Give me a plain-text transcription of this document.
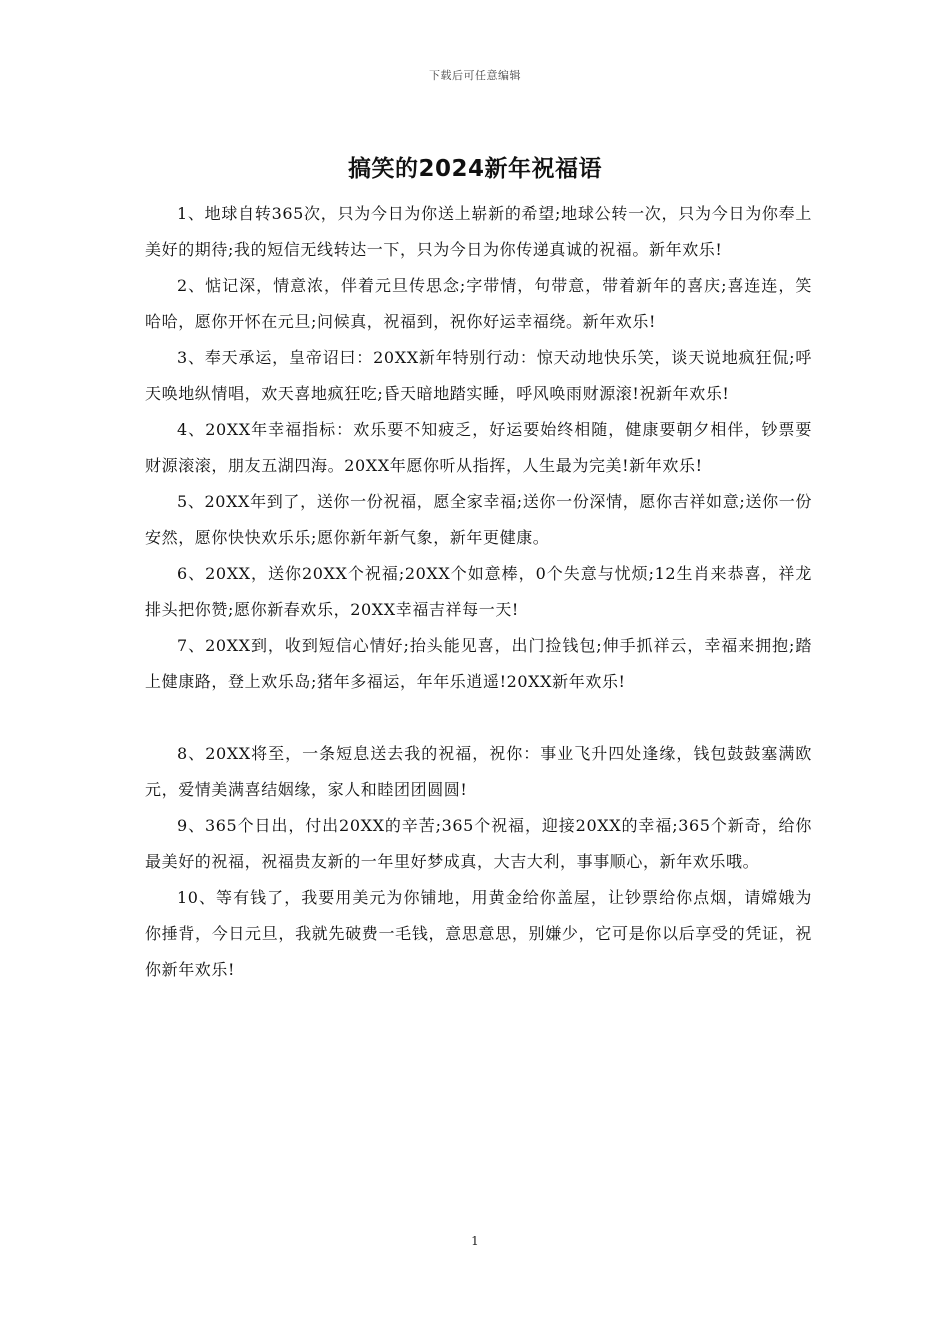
下载后可任意编辑
搞笑的2024新年祝福语

1、地球自转365次，只为今日为你送上崭新的希望;地球公转一次，只为今日为你奉上美好的期待;我的短信无线转达一下，只为今日为你传递真诚的祝福。新年欢乐!

2、惦记深，情意浓，伴着元旦传思念;字带情，句带意，带着新年的喜庆;喜连连，笑哈哈，愿你开怀在元旦;问候真，祝福到，祝你好运幸福绕。新年欢乐!

3、奉天承运，皇帝诏曰：20XX新年特别行动：惊天动地快乐笑，谈天说地疯狂侃;呼天唤地纵情唱，欢天喜地疯狂吃;昏天暗地踏实睡，呼风唤雨财源滚!祝新年欢乐!

4、20XX年幸福指标：欢乐要不知疲乏，好运要始终相随，健康要朝夕相伴，钞票要财源滚滚，朋友五湖四海。20XX年愿你听从指挥，人生最为完美!新年欢乐!

5、20XX年到了，送你一份祝福，愿全家幸福;送你一份深情，愿你吉祥如意;送你一份安然，愿你快快欢乐乐;愿你新年新气象，新年更健康。

6、20XX，送你20XX个祝福;20XX个如意棒，0个失意与忧烦;12生肖来恭喜，祥龙排头把你赞;愿你新春欢乐，20XX幸福吉祥每一天!

7、20XX到，收到短信心情好;抬头能见喜，出门捡钱包;伸手抓祥云，幸福来拥抱;踏上健康路，登上欢乐岛;猪年多福运，年年乐逍遥!20XX新年欢乐!

8、20XX将至，一条短息送去我的祝福，祝你：事业飞升四处逢缘，钱包鼓鼓塞满欧元，爱情美满喜结姻缘，家人和睦团团圆圆!

9、365个日出，付出20XX的辛苦;365个祝福，迎接20XX的幸福;365个新奇，给你最美好的祝福，祝福贵友新的一年里好梦成真，大吉大利，事事顺心，新年欢乐哦。

10、等有钱了，我要用美元为你铺地，用黄金给你盖屋，让钞票给你点烟，请嫦娥为你捶背，今日元旦，我就先破费一毛钱，意思意思，别嫌少，它可是你以后享受的凭证，祝你新年欢乐!

1
